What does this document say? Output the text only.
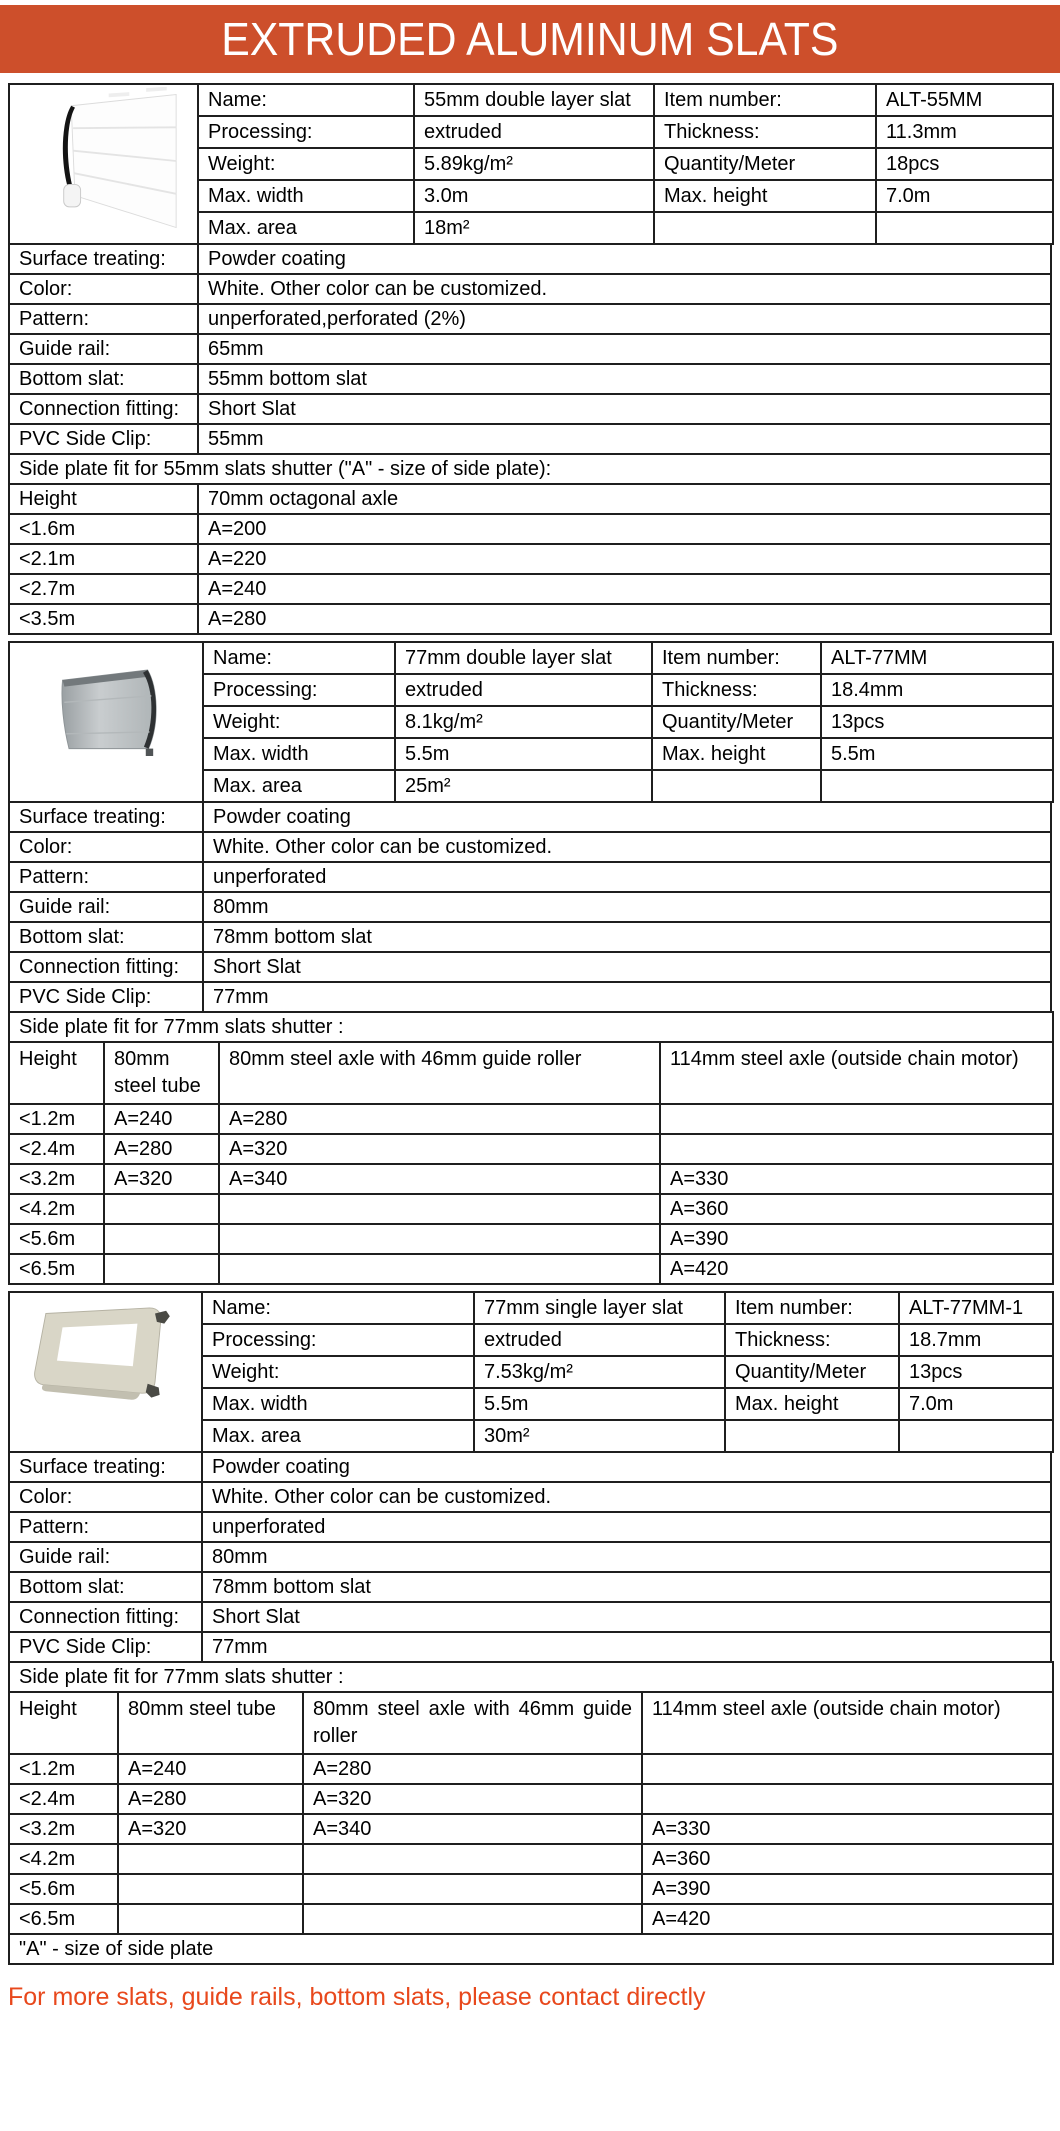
EXTRUDED ALUMINUM SLATS
	Name:	55mm double layer slat	Item number:	ALT-55MM
	Processing:	extruded	Thickness:	11.3mm
	Weight:	5.89kg/m²	Quantity/Meter	18pcs
	Max. width	3.0m	Max. height	7.0m
	Max. area	18m²		
Surface treating:	Powder coating
Color:	White. Other color can be customized.
Pattern:	unperforated,perforated (2%)
Guide rail:	65mm
Bottom slat:	55mm bottom slat
Connection fitting:	Short Slat
PVC Side Clip:	55mm
Side plate fit for 55mm slats shutter ("A" - size of side plate):	
Height	70mm octagonal axle
<1.6m	A=200
<2.1m	A=220
<2.7m	A=240
<3.5m	A=280
	Name:	77mm double layer slat	Item number:	ALT-77MM
	Processing:	extruded	Thickness:	18.4mm
	Weight:	8.1kg/m²	Quantity/Meter	13pcs
	Max. width	5.5m	Max. height	5.5m
	Max. area	25m²		
Surface treating:	Powder coating
Color:	White. Other color can be customized.
Pattern:	unperforated
Guide rail:	80mm
Bottom slat:	78mm bottom slat
Connection fitting:	Short Slat
PVC Side Clip:	77mm
Side plate fit for 77mm slats shutter :			
Height	80mm steel tube	80mm steel axle with 46mm guide roller	114mm steel axle (outside chain motor)
<1.2m	A=240	A=280	
<2.4m	A=280	A=320	
<3.2m	A=320	A=340	A=330
<4.2m			A=360
<5.6m			A=390
<6.5m			A=420
	Name:	77mm single layer slat	Item number:	ALT-77MM-1
	Processing:	extruded	Thickness:	18.7mm
	Weight:	7.53kg/m²	Quantity/Meter	13pcs
	Max. width	5.5m	Max. height	7.0m
	Max. area	30m²		
Surface treating:	Powder coating
Color:	White. Other color can be customized.
Pattern:	unperforated
Guide rail:	80mm
Bottom slat:	78mm bottom slat
Connection fitting:	Short Slat
PVC Side Clip:	77mm
Side plate fit for 77mm slats shutter :			
Height	80mm steel tube	80mm steel axle with 46mm guide roller	114mm steel axle (outside chain motor)
<1.2m	A=240	A=280	
<2.4m	A=280	A=320	
<3.2m	A=320	A=340	A=330
<4.2m			A=360
<5.6m			A=390
<6.5m			A=420
"A" - size of side plate			
For more slats, guide rails, bottom slats, please contact directly
